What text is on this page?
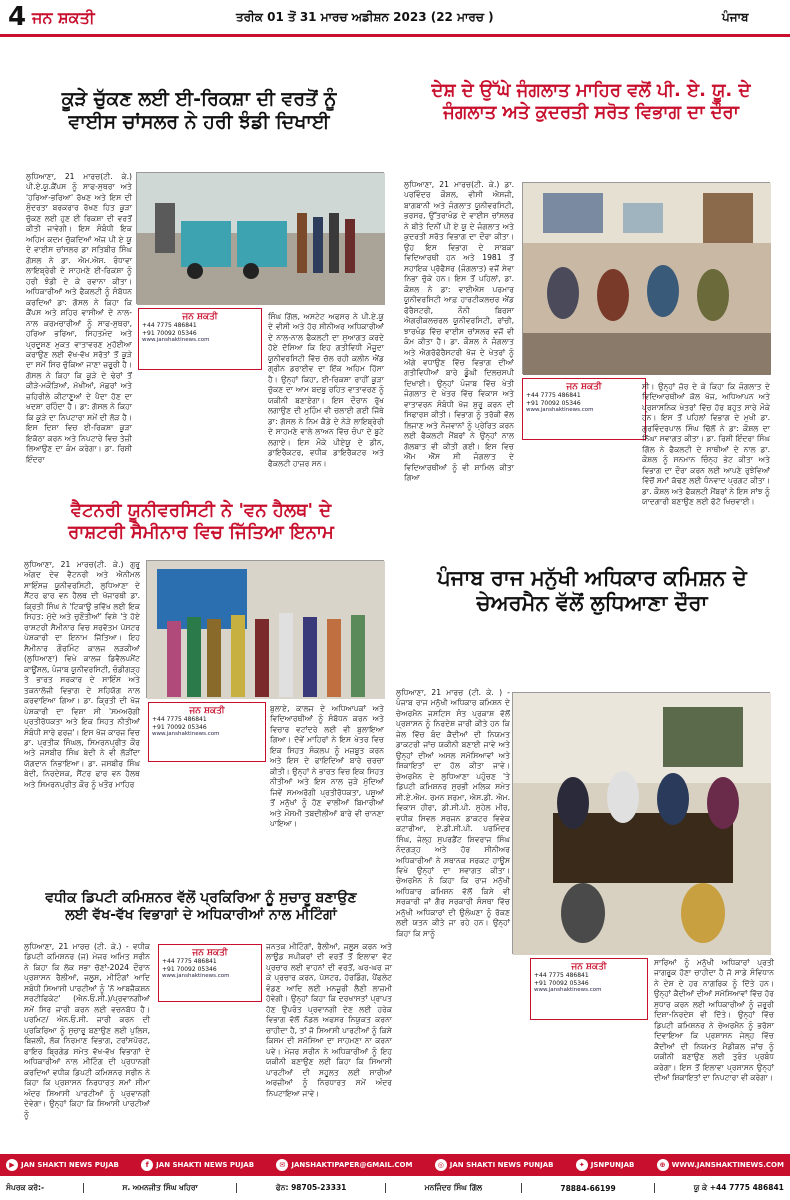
4 ਜਨ ਸ਼ਕਤੀ	ਤਰੀਕ 01 ਤੋਂ 31 ਮਾਰਚ ਅਡੀਸ਼ਨ 2023 (22 ਮਾਰਚ )	ਪੰਜਾਬ
ਕੂੜੇ ਚੁੱਕਣ ਲਈ ਈ-ਰਿਕਸ਼ਾ ਦੀ ਵਰਤੋਂ ਨੂੰ
ਵਾਈਸ ਚਾਂਸਲਰ ਨੇ ਹਰੀ ਝੰਡੀ ਦਿਖਾਈ
ਲੁਧਿਆਣਾ, 21 ਮਾਰਚ(ਟੀ. ਕੇ.) ਪੀ.ਏ.ਯੂ.ਕੈਂਪਸ ਨੂੰ ਸਾਫ-ਸੁਥਰਾ ਅਤੇ 'ਹਰਿਆ-ਭਰਿਆ' ਰੱਖਣ ਅਤੇ ਇਸ ਦੀ ਸੁੰਦਰਤਾ ਬਰਕਰਾਰ ਰੱਖਣ ਹਿਤ ਕੂੜਾ ਚੁੱਕਣ ਲਈ ਹੁਣ ਈ ਰਿਕਸ਼ਾ ਦੀ ਵਰਤੋਂ ਕੀਤੀ ਜਾਵੇਗੀ। ਇਸ ਸੰਬੰਧੀ ਇਕ ਅਹਿਮ ਕਦਮ ਚੁੱਕਦਿਆਂ ਅੱਜ ਪੀ ਏ ਯੂ ਦੇ ਵਾਈਸ ਚਾਂਸਲਰ ਡਾ ਸਤਿਬੀਰ ਸਿੰਘ ਗੋਸਲ ਨੇ ਡਾ. ਐਮ.ਐਸ. ਰੰਧਾਵਾ ਲਾਇਬ੍ਰੇਰੀ ਦੇ ਸਾਹਮਣੇ ਈ-ਰਿਕਸ਼ਾ ਨੂੰ ਹਰੀ ਝੰਡੀ ਦੇ ਕੇ ਰਵਾਨਾ ਕੀਤਾ। ਅਧਿਕਾਰੀਆਂ ਅਤੇ ਫੈਕਲਟੀ ਨੂੰ ਸੰਬੋਧਨ ਕਰਦਿਆਂ ਡਾ: ਗੋਸਲ ਨੇ ਕਿਹਾ ਕਿ ਕੈਂਪਸ ਅਤੇ ਸ਼ਹਿਰ ਵਾਸੀਆਂ ਦੇ ਨਾਲ-ਨਾਲ ਕਰਮਚਾਰੀਆਂ ਨੂੰ ਸਾਫ-ਸੁਥਰਾ, ਹਰਿਆ ਭਰਿਆ, ਸਿਹਤਮੰਦ ਅਤੇ ਪ੍ਰਦੂਸ਼ਣ ਮੁਕਤ ਵਾਤਾਵਰਣ ਮੁਹੱਈਆ ਕਰਾਉਣ ਲਈ ਵੱਖ-ਵੱਖ ਸਰੋਤਾਂ ਤੋਂ ਕੂੜੇ ਦਾ ਸਮੇਂ ਸਿਰ ਚੁੱਕਿਆ ਜਾਣਾ ਜ਼ਰੂਰੀ ਹੈ। ਗੋਸਲ ਨੇ ਕਿਹਾ ਕਿ ਕੂੜੇ ਦੇ ਢੇਰਾਂ ਤੋਂ ਕੀੜੇ-ਮਕੌੜਿਆਂ, ਮੱਖੀਆਂ, ਮੱਛਰਾਂ ਅਤੇ ਜ਼ਹਿਰੀਲੇ ਕੀਟਾਣੂਆਂ ਦੇ ਪੈਦਾ ਹੋਣ ਦਾ ਖਦਸ਼ਾ ਰਹਿੰਦਾ ਹੈ। ਡਾ: ਗੋਸਲ ਨੇ ਕਿਹਾ ਕਿ ਕੂੜੇ ਦਾ ਨਿਪਟਾਰਾ ਸਮੇਂ ਦੀ ਲੋੜ ਹੈ। ਇਸ ਦਿਸ਼ਾ ਵਿਚ ਈ-ਰਿਕਸ਼ਾ ਕੂੜਾ ਇਕੱਠਾ ਕਰਨ ਅਤੇ ਨਿਪਟਾਰੇ ਵਿਚ ਤੇਜ਼ੀ ਲਿਆਉਣ ਦਾ ਕੰਮ ਕਰੇਗਾ। ਡਾ. ਰਿਸ਼ੀ ਇੰਦਰਾ
ਜਨ ਸ਼ਕਤੀ
+44 7775 486841
+91 70092 05346
www.janshaktinews.com
ਸਿੰਘ ਗਿੱਲ, ਅਸਟੇਟ ਅਫਸਰ ਨੇ ਪੀ.ਏ.ਯੂ ਦੇ ਵੀਸੀ ਅਤੇ ਹੋਰ ਸੀਨੀਅਰ ਅਧਿਕਾਰੀਆਂ ਦੇ ਨਾਲ-ਨਾਲ ਫੈਕਲਟੀ ਦਾ ਸੁਆਗਤ ਕਰਦੇ ਹੋਏ ਦੱਸਿਆ ਕਿ ਇਹ ਗਤੀਵਿਧੀ ਮੌਜੂਦਾ ਯੂਨੀਵਰਸਿਟੀ ਵਿੱਚ ਚੱਲ ਰਹੀ ਕਲੀਨ ਐਂਡ ਗ੍ਰੀਨ ਡਰਾਈਵ ਦਾ ਇੱਕ ਅਹਿਮ ਹਿੱਸਾ ਹੈ। ਉਨ੍ਹਾਂ ਕਿਹਾ, ਈ-ਰਿਕਸ਼ਾ ਰਾਹੀਂ ਕੂੜਾ ਚੁੱਕਣ ਦਾ ਆਮ ਬਦਬੂ ਰਹਿਤ ਵਾਤਾਵਰਣ ਨੂੰ ਯਕੀਨੀ ਬਣਾਏਗਾ। ਇਸ ਦੌਰਾਨ ਰੁੱਖ ਲਗਾਉਣ ਦੀ ਮੁਹਿੰਮ ਵੀ ਚਲਾਈ ਗਈ ਜਿੱਥੇ ਡਾ: ਗੋਸਲ ਨੇ ਨਿਮ ਕੈਡੇ ਦੇ ਨੇੜੇ ਲਾਇਬ੍ਰੇਰੀ ਦੇ ਸਾਹਮਣੇ ਵਾਲੇ ਲਾਅਨ ਵਿੱਚ ਚੰਪਾ ਦੇ ਬੂਟੇ ਲਗਾਏ। ਇਸ ਮੌਕੇ ਪੀਏਯੂ ਦੇ ਡੀਨ, ਡਾਇਰੈਕਟਰ, ਵਧੀਕ ਡਾਇਰੈਕਟਰ ਅਤੇ ਫੈਕਲਟੀ ਹਾਜ਼ਰ ਸਨ।
ਵੈਟਨਰੀ ਯੂਨੀਵਰਸਿਟੀ ਨੇ 'ਵਨ ਹੈਲਥ' ਦੇ
ਰਾਸ਼ਟਰੀ ਸੈਮੀਨਾਰ ਵਿਚ ਜਿੱਤਿਆ ਇਨਾਮ
ਲੁਧਿਆਣਾ, 21 ਮਾਰਚ(ਟੀ. ਕੇ.) ਗੁਰੂ ਅੰਗਦ ਦੇਵ ਵੈਟਨਰੀ ਅਤੇ ਐਨੀਮਲ ਸਾਇੰਸਜ਼ ਯੂਨੀਵਰਸਿਟੀ, ਲੁਧਿਆਣਾ ਦੇ ਸੈਂਟਰ ਫਾਰ ਵਨ ਹੈਲਥ ਦੀ ਖੋਜਾਰਥੀ ਡਾ. ਕ੍ਰਿਤੀ ਸਿੰਘ ਨੇ 'ਟਿਕਾਊ ਭਵਿੱਖ ਲਈ ਇਕ ਸਿਹਤ: ਮੁੱਦੇ ਅਤੇ ਚੁਣੌਤੀਆਂ' ਵਿਸ਼ੇ 'ਤੇ ਹੋਏ ਰਾਸ਼ਟਰੀ ਸੈਮੀਨਾਰ ਵਿਚ ਸਰਵੋਤਮ ਪੋਸਟਰ ਪੇਸ਼ਕਾਰੀ ਦਾ ਇਨਾਮ ਜਿੱਤਿਆ। ਇਹ ਸੈਮੀਨਾਰ ਗੌਰਮਿੰਟ ਕਾਲਜ ਲੜਕੀਆਂ (ਲੁਧਿਆਣਾ) ਵਿਖੇ ਕਾਲਜ ਡਿਵੈਲਪਮੈਂਟ ਕਾਊਂਸਲ, ਪੰਜਾਬ ਯੂਨੀਵਰਸਿਟੀ, ਚੰਡੀਗੜ੍ਹ ਤੇ ਭਾਰਤ ਸਰਕਾਰ ਦੇ ਸਾਇੰਸ ਅਤੇ ਤਕਨਾਲੋਜੀ ਵਿਭਾਗ ਦੇ ਸਹਿਯੋਗ ਨਾਲ ਕਰਵਾਇਆ ਗਿਆ। ਡਾ. ਕ੍ਰਿਤੀ ਦੀ ਖੋਜ ਪੇਸ਼ਕਾਰੀ ਦਾ ਵਿਸ਼ਾ ਸੀ 'ਸਮਅਰੋਗੀ ਪ੍ਰਤੀਰੋਧਕਤਾ ਅਤੇ ਇਕ ਸਿਹਤ ਨੀਤੀਆਂ ਸੰਬੰਧੀ ਸਾਰੇ ਫਰਜ਼'। ਇਸ ਖੋਜ ਕਾਰਜ ਵਿਚ ਡਾ. ਪ੍ਰਤੀਕ ਸਿੰਘਲ, ਸਿਮਰਨਪ੍ਰੀਤ ਕੌਰ ਅਤੇ ਜਸਬੀਰ ਸਿੰਘ ਬੇਦੀ ਨੇ ਵੀ ਲੋੜੀਂਦਾ ਯੋਗਦਾਨ ਨਿਭਾਇਆ। ਡਾ. ਜਸਬੀਰ ਸਿੰਘ ਬੇਦੀ, ਨਿਰਦੇਸ਼ਕ, ਸੈਂਟਰ ਫਾਰ ਵਨ ਹੈਲਥ ਅਤੇ ਸਿਮਰਨਪ੍ਰੀਤ ਕੌਰ ਨੂੰ ਖਤੌਰ ਮਾਹਿਰ
ਜਨ ਸ਼ਕਤੀ
+44 7775 486841
+91 70092 05346
www.janshaktinews.com
ਬੁਲਾਏ, ਕਾਲਜ ਦੇ ਅਧਿਆਪਕਾਂ ਅਤੇ ਵਿਦਿਆਰਥੀਆਂ ਨੂੰ ਸੰਬੋਧਨ ਕਰਨ ਅਤੇ ਵਿਚਾਰ ਵਟਾਂਦਰੇ ਲਈ ਵੀ ਬੁਲਾਇਆ ਗਿਆ। ਦੋਵੇਂ ਮਾਹਿਰਾਂ ਨੇ ਇਸ ਖੇਤਰ ਵਿਚ ਇਕ ਸਿਹਤ ਸੰਕਲਪ ਨੂੰ ਮਜ਼ਬੂਤ ਕਰਨ ਅਤੇ ਇਸ ਦੇ ਫਾਇਦਿਆਂ ਬਾਰੇ ਚਰਚਾ ਕੀਤੀ। ਉਨ੍ਹਾਂ ਨੇ ਭਾਰਤ ਵਿਚ ਇਕ ਸਿਹਤ ਨੀਤੀਆਂ ਅਤੇ ਇਸ ਨਾਲ ਜੁੜੇ ਮੁੱਦਿਆਂ ਜਿਵੇਂ ਸਮਅਰੋਗੀ ਪ੍ਰਤੀਰੋਧਕਤਾ, ਪਸ਼ੂਆਂ ਤੋਂ ਮਨੁੱਖਾਂ ਨੂੰ ਹੋਣ ਵਾਲੀਆਂ ਬਿਮਾਰੀਆਂ ਅਤੇ ਮੌਸਮੀ ਤਬਦੀਲੀਆਂ ਬਾਰੇ ਵੀ ਚਾਨਣਾ ਪਾਇਆ।
ਵਧੀਕ ਡਿਪਟੀ ਕਮਿਸ਼ਨਰ ਵੱਲੋਂ ਪ੍ਰਕਿਰਿਆ ਨੂੰ ਸੁਚਾਰੂ ਬਣਾਉਣ
ਲਈ ਵੱਖ-ਵੱਖ ਵਿਭਾਗਾਂ ਦੇ ਅਧਿਕਾਰੀਆਂ ਨਾਲ ਮੀਟਿੰਗਾਂ
ਲੁਧਿਆਣਾ, 21 ਮਾਰਚ (ਟੀ. ਕੇ.) - ਵਧੀਕ ਡਿਪਟੀ ਕਮਿਸ਼ਨਰ (ਜ) ਮੇਜਰ ਅਮਿਤ ਸਰੀਨ ਨੇ ਕਿਹਾ ਕਿ ਲੋਕ ਸਭਾ ਚੋਣਾਂ-2024 ਦੌਰਾਨ ਪ੍ਰਸ਼ਾਸਨ ਰੈਲੀਆਂ, ਜਲੂਸ, ਮੀਟਿੰਗਾਂ ਆਦਿ ਸਬੰਧੀ ਸਿਆਸੀ ਪਾਰਟੀਆਂ ਨੂੰ 'ਨੋ ਆਬਜੈਕਸ਼ਨ ਸਰਟੀਫਿਕੇਟ' (ਐਨ.ਓ.ਸੀ.)/ਪ੍ਰਵਾਨਗੀਆਂ ਸਮੇਂ ਸਿਰ ਜਾਰੀ ਕਰਨ ਲਈ ਵਚਨਬੱਧ ਹੈ। ਪਰਮਿਟ/ ਐਨ.ਓ.ਸੀ. ਜਾਰੀ ਕਰਨ ਦੀ ਪ੍ਰਕਿਰਿਆ ਨੂੰ ਸੁਚਾਰੂ ਬਣਾਉਣ ਲਈ ਪੁਲਿਸ, ਬਿਜਲੀ, ਲੋਕ ਨਿਰਮਾਣ ਵਿਭਾਗ, ਟਰਾਂਸਪੋਰਟ, ਫਾਇਰ ਬ੍ਰਿਗੇਡ ਸਮੇਤ ਵੱਖ-ਵੱਖ ਵਿਭਾਗਾਂ ਦੇ ਅਧਿਕਾਰੀਆਂ ਨਾਲ ਮੀਟਿੰਗ ਦੀ ਪ੍ਰਧਾਨਗੀ ਕਰਦਿਆਂ ਵਧੀਕ ਡਿਪਟੀ ਕਮਿਸ਼ਨਰ ਸਰੀਨ ਨੇ ਕਿਹਾ ਕਿ ਪ੍ਰਸ਼ਾਸਨ ਨਿਰਧਾਰਤ ਸਮਾਂ ਸੀਮਾ ਅੰਦਰ ਸਿਆਸੀ ਪਾਰਟੀਆਂ ਨੂੰ ਪ੍ਰਵਾਨਗੀ ਦੇਵੇਗਾ। ਉਨ੍ਹਾਂ ਕਿਹਾ ਕਿ ਸਿਆਸੀ ਪਾਰਟੀਆਂ ਨੂੰ
ਜਨ ਸ਼ਕਤੀ
+44 7775 486841
+91 70092 05346
www.janshaktinews.com
ਜਨਤਕ ਮੀਟਿੰਗਾਂ, ਰੈਲੀਆਂ, ਜਲੂਸ ਕਰਨ ਅਤੇ ਲਾਊਡ ਸਪੀਕਰਾਂ ਦੀ ਵਰਤੋਂ ਤੋਂ ਇਲਾਵਾ ਵੋਟ ਪ੍ਰਚਾਰ ਲਈ ਵਾਹਨਾਂ ਦੀ ਵਰਤੋਂ, ਘਰ-ਘਰ ਜਾ ਕੇ ਪ੍ਰਚਾਰ ਕਰਨ, ਪੋਸਟਰ, ਹੋਰਡਿੰਗ, ਪੈਂਫਲੇਟ ਵੰਡਣ ਆਦਿ ਲਈ ਮਨਜ਼ੂਰੀ ਲੈਣੀ ਲਾਜ਼ਮੀ ਹੋਵੇਗੀ। ਉਨ੍ਹਾਂ ਕਿਹਾ ਕਿ ਦਰਖਾਸਤਾਂ ਪ੍ਰਾਪਤ ਹੋਣ ਉਪਰੰਤ ਪ੍ਰਵਾਨਗੀ ਦੇਣ ਲਈ ਹਰੇਕ ਵਿਭਾਗ ਵੱਲੋਂ ਨੋਡਲ ਅਫਸਰ ਨਿਯੁਕਤ ਕਰਨਾ ਚਾਹੀਦਾ ਹੈ, ਤਾਂ ਜੋ ਸਿਆਸੀ ਪਾਰਟੀਆਂ ਨੂੰ ਕਿਸੇ ਕਿਸਮ ਦੀ ਸਮੱਸਿਆ ਦਾ ਸਾਹਮਣਾ ਨਾ ਕਰਨਾ ਪਵੇ। ਮੇਜਰ ਸਰੀਨ ਨੇ ਅਧਿਕਾਰੀਆਂ ਨੂੰ ਇਹ ਯਕੀਨੀ ਬਣਾਉਣ ਲਈ ਕਿਹਾ ਕਿ ਸਿਆਸੀ ਪਾਰਟੀਆਂ ਦੀ ਸਹੂਲਤ ਲਈ ਸਾਰੀਆਂ ਅਰਜ਼ੀਆਂ ਨੂੰ ਨਿਰਧਾਰਤ ਸਮੇਂ ਅੰਦਰ ਨਿਪਟਾਇਆ ਜਾਵੇ।
ਦੇਸ਼ ਦੇ ਉੱਘੇ ਜੰਗਲਾਤ ਮਾਹਿਰ ਵਲੋਂ ਪੀ. ਏ. ਯੂ. ਦੇ
ਜੰਗਲਾਤ ਅਤੇ ਕੁਦਰਤੀ ਸਰੋਤ ਵਿਭਾਗ ਦਾ ਦੌਰਾ
ਲੁਧਿਆਣਾ, 21 ਮਾਰਚ(ਟੀ. ਕੇ.) ਡਾ. ਪਰਵਿੰਦਰ ਕੌਸ਼ਲ, ਵੀਸੀ ਐਸਜੀ, ਬਾਗਬਾਨੀ ਅਤੇ ਜੰਗਲਾਤ ਯੂਨੀਵਰਸਿਟੀ, ਭਰਸਰ, ਉੱਤਰਾਖੰਡ ਦੇ ਵਾਈਸ ਚਾਂਸਲਰ ਨੇ ਬੀਤੇ ਦਿਨੀਂ ਪੀ ਏ ਯੂ ਦੇ ਜੰਗਲਾਤ ਅਤੇ ਕੁਦਰਤੀ ਸਰੋਤ ਵਿਭਾਗ ਦਾ ਦੌਰਾ ਕੀਤਾ। ਉਹ ਇਸ ਵਿਭਾਗ ਦੇ ਸਾਬਕਾ ਵਿਦਿਆਰਥੀ ਹਨ ਅਤੇ 1981 ਤੋਂ ਸਹਾਇਕ ਪ੍ਰੋਫੈਸਰ (ਜੰਗਲਾਤ) ਵਜੋਂ ਸੇਵਾ ਨਿਭਾ ਚੁੱਕੇ ਹਨ। ਇਸ ਤੋਂ ਪਹਿਲਾਂ, ਡਾ. ਕੌਸ਼ਲ ਨੇ ਡਾ: ਵਾਈਐਸ ਪਰਮਾਰ ਯੂਨੀਵਰਸਿਟੀ ਆਫ਼ ਹਾਰਟੀਕਲਚਰ ਐਂਡ ਫੋਰੈਸਟਰੀ, ਨੌਨੀ ਬਿਰਸਾ ਐਗਰੀਕਲਚਰਲ ਯੂਨੀਵਰਸਿਟੀ, ਰਾਂਚੀ, ਝਾਰਖੰਡ ਵਿੱਚ ਵਾਈਸ ਚਾਂਸਲਰ ਵਜੋਂ ਵੀ ਕੰਮ ਕੀਤਾ ਹੈ। ਡਾ. ਕੌਸ਼ਲ ਨੇ ਜੰਗਲਾਤ ਅਤੇ ਐਗਰੋਫੋਰੈਸਟਰੀ ਖੋਜ ਦੇ ਖੇਤਰਾਂ ਨੂੰ ਅੱਗੇ ਵਧਾਉਣ ਵਿੱਚ ਵਿਭਾਗ ਦੀਆਂ ਗਤੀਵਿਧੀਆਂ ਬਾਰੇ ਡੂੰਘੀ ਦਿਲਚਸਪੀ ਦਿਖਾਈ। ਉਨ੍ਹਾਂ ਪੰਜਾਬ ਵਿੱਚ ਖੇਤੀ ਜੰਗਲਾਤ ਦੇ ਖੇਤਰ ਵਿੱਚ ਵਿਕਾਸ ਅਤੇ ਵਾਤਾਵਰਨ ਸੰਬੰਧੀ ਖੋਜ ਸ਼ੁਰੂ ਕਰਨ ਦੀ ਸਿਫਾਰਸ਼ ਕੀਤੀ। ਵਿਭਾਗ ਨੂੰ ਤਰੱਕੀ ਵੱਲ ਲਿਜਾਣ ਅਤੇ ਨੌਜਵਾਨਾਂ ਨੂੰ ਪ੍ਰੇਰਿਤ ਕਰਨ ਲਈ ਫੈਕਲਟੀ ਮੈਂਬਰਾਂ ਨੇ ਉਨ੍ਹਾਂ ਨਾਲ ਗੱਲਬਾਤ ਵੀ ਕੀਤੀ ਗਈ। ਇਸ ਵਿਚ ਐੱਮ ਐੱਸ ਸੀ ਜੰਗਲਾਤ ਦੇ ਵਿਦਿਆਰਥੀਆਂ ਨੂੰ ਵੀ ਸ਼ਾਮਿਲ ਕੀਤਾ ਗਿਆ
ਜਨ ਸ਼ਕਤੀ
+44 7775 486841
+91 70092 05346
www.janshaktinews.com
ਸੀ। ਉਨ੍ਹਾਂ ਜ਼ੋਰ ਦੇ ਕੇ ਕਿਹਾ ਕਿ ਜੰਗਲਾਤ ਦੇ ਵਿਦਿਆਰਥੀਆਂ ਕੋਲ ਖੋਜ, ਅਧਿਆਪਨ ਅਤੇ ਪ੍ਰਸ਼ਾਸਨਿਕ ਖੇਤਰਾਂ ਵਿੱਚ ਹੋਰ ਬਹੁਤ ਸਾਰੇ ਮੌਕੇ ਹਨ। ਇਸ ਤੋਂ ਪਹਿਲਾਂ ਵਿਭਾਗ ਦੇ ਮੁਖੀ ਡਾ. ਗੁਰਵਿੰਦਰਪਾਲ ਸਿੰਘ ਢਿੱਲੋਂ ਨੇ ਡਾ: ਕੌਸ਼ਲ ਦਾ ਨਿੱਘਾ ਸਵਾਗਤ ਕੀਤਾ। ਡਾ. ਰਿਸ਼ੀ ਇੰਦਰਾ ਸਿੰਘ ਗਿੱਲ ਨੇ ਫੈਕਲਟੀ ਦੇ ਸਾਥੀਆਂ ਦੇ ਨਾਲ ਡਾ. ਕੌਸ਼ਲ ਨੂੰ ਸਨਮਾਨ ਚਿੰਨ੍ਹ ਭੇਟ ਕੀਤਾ ਅਤੇ ਵਿਭਾਗ ਦਾ ਦੌਰਾ ਕਰਨ ਲਈ ਆਪਣੇ ਰੁਝੇਵਿਆਂ ਵਿੱਚੋਂ ਸਮਾਂ ਕੱਢਣ ਲਈ ਧੰਨਵਾਦ ਪ੍ਰਗਟ ਕੀਤਾ। ਡਾ. ਕੌਸ਼ਲ ਅਤੇ ਫੈਕਲਟੀ ਮੈਂਬਰਾਂ ਨੇ ਇਸ ਸਾਂਝ ਨੂੰ ਯਾਦਗਾਰੀ ਬਣਾਉਣ ਲਈ ਫੋਟੋ ਖਿਚਵਾਈ।
ਪੰਜਾਬ ਰਾਜ ਮਨੁੱਖੀ ਅਧਿਕਾਰ ਕਮਿਸ਼ਨ ਦੇ
ਚੇਅਰਮੈਨ ਵੱਲੋਂ ਲੁਧਿਆਣਾ ਦੌਰਾ
ਲੁਧਿਆਣਾ, 21 ਮਾਰਚ (ਟੀ. ਕੇ. ) - ਪੰਜਾਬ ਰਾਜ ਮਨੁੱਖੀ ਅਧਿਕਾਰ ਕਮਿਸ਼ਨ ਦੇ ਚੇਅਰਮੈਨ ਜਸਟਿਸ ਸੰਤ ਪ੍ਰਕਾਸ਼ ਵੱਲੋਂ ਪ੍ਰਸ਼ਾਸਨ ਨੂੰ ਨਿਰਦੇਸ਼ ਜਾਰੀ ਕੀਤੇ ਹਨ ਕਿ ਜੇਲ ਵਿੱਚ ਬੰਦ ਕੈਦੀਆਂ ਦੀ ਨਿਯਮਤ ਡਾਕਟਰੀ ਜਾਂਚ ਯਕੀਨੀ ਬਣਾਈ ਜਾਵੇ ਅਤੇ ਉਨ੍ਹਾਂ ਦੀਆਂ ਅਸਲ ਸਮੱਸਿਆਵਾਂ ਅਤੇ ਸ਼ਿਕਾਇਤਾਂ ਦਾ ਹੱਲ ਕੀਤਾ ਜਾਵੇ। ਚੇਅਰਮੈਨ ਦੇ ਲੁਧਿਆਣਾ ਪਹੁੰਚਣ 'ਤੇ ਡਿਪਟੀ ਕਮਿਸ਼ਨਰ ਸੁਰਭੀ ਮਲਿਕ ਸਮੇਤ ਸੀ.ਏ.ਐਮ. ਰਮਨ ਸ਼ਰਮਾ, ਐਸ.ਡੀ. ਐਮ. ਵਿਕਾਸ ਹੀਰਾ, ਡੀ.ਸੀ.ਪੀ. ਸੁਹੇਲ ਮੀਰ, ਵਧੀਕ ਸਿਵਲ ਸਰਜਨ ਡਾਕਟਰ ਵਿਵੇਕ ਕਟਾਰੀਆ, ਏ.ਡੀ.ਸੀ.ਪੀ. ਪਰਮਿੰਦਰ ਸਿੰਘ, ਜੇਲ੍ਹ ਸੁਪਰਡੈਂਟ ਸ਼ਿਵਰਾਜ ਸਿੰਘ ਨੰਦਗੜ੍ਹ ਅਤੇ ਹੋਰ ਸੀਨੀਅਰ ਅਧਿਕਾਰੀਆਂ ਨੇ ਸਥਾਨਕ ਸਰਕਟ ਹਾਊਸ ਵਿਖੇ ਉਨ੍ਹਾਂ ਦਾ ਸਵਾਗਤ ਕੀਤਾ। ਚੇਅਰਮੈਨ ਨੇ ਕਿਹਾ ਕਿ ਰਾਜ ਮਨੁੱਖੀ ਅਧਿਕਾਰ ਕਮਿਸ਼ਨ ਵੱਲੋਂ ਕਿਸੇ ਵੀ ਸਰਕਾਰੀ ਜਾਂ ਗੈਰ ਸਰਕਾਰੀ ਸੰਸਥਾ ਵਿੱਚ ਮਨੁੱਖੀ ਅਧਿਕਾਰਾਂ ਦੀ ਉਲੰਘਣਾ ਨੂੰ ਰੋਕਣ ਲਈ ਯਤਨ ਕੀਤੇ ਜਾ ਰਹੇ ਹਨ। ਉਨ੍ਹਾਂ ਕਿਹਾ ਕਿ ਸਾਨੂੰ
ਜਨ ਸ਼ਕਤੀ
+44 7775 486841
+91 70092 05346
www.janshaktinews.com
ਸਾਰਿਆਂ ਨੂੰ ਮਨੁੱਖੀ ਅਧਿਕਾਰਾਂ ਪ੍ਰਤੀ ਜਾਗਰੂਕ ਹੋਣਾ ਚਾਹੀਦਾ ਹੈ ਜੋ ਸਾਡੇ ਸੰਵਿਧਾਨ ਨੇ ਦੇਸ਼ ਦੇ ਹਰ ਨਾਗਰਿਕ ਨੂੰ ਦਿੱਤੇ ਹਨ। ਉਨ੍ਹਾਂ ਕੈਦੀਆਂ ਦੀਆਂ ਸਮੱਸਿਆਵਾਂ ਵਿੱਚ ਹੋਰ ਸੁਧਾਰ ਕਰਨ ਲਈ ਅਧਿਕਾਰੀਆਂ ਨੂੰ ਜ਼ਰੂਰੀ ਦਿਸ਼ਾ-ਨਿਰਦੇਸ਼ ਵੀ ਦਿੱਤੇ। ਉਨ੍ਹਾਂ ਵਿੱਚ ਡਿਪਟੀ ਕਮਿਸ਼ਨਰ ਨੇ ਚੇਅਰਮੈਨ ਨੂੰ ਭਰੋਸਾ ਦਿਵਾਇਆ ਕਿ ਪ੍ਰਸ਼ਾਸਨ ਜੇਲ੍ਹ ਵਿੱਚ ਕੈਦੀਆਂ ਦੀ ਨਿਯਮਤ ਮੈਡੀਕਲ ਜਾਂਚ ਨੂੰ ਯਕੀਨੀ ਬਣਾਉਣ ਲਈ ਤੁਰੰਤ ਪ੍ਰਬੰਧ ਕਰੇਗਾ। ਇਸ ਤੋਂ ਇਲਾਵਾ ਪ੍ਰਸ਼ਾਸਨ ਉਨ੍ਹਾਂ ਦੀਆਂ ਸ਼ਿਕਾਇਤਾਂ ਦਾ ਨਿਪਟਾਰਾ ਵੀ ਕਰੇਗਾ।
▶ JAN SHAKTI NEWS PUJAB	f	JAN SHAKTI NEWS PUJAB	✉ JANSHAKTIPAPER@GMAIL.COM	◎ JAN SHAKTI NEWS PUNJAB	✦ JSNPUNJAB	⊕ WWW.JANSHAKTINEWS.COM
ਸੰਪਰਕ ਕਰੋ:-	ਸ. ਅਮਨਜੀਤ ਸਿੰਘ ਖਹਿਰਾ	ਫੋਨ: 98705-23331	ਮਨਜਿੰਦਰ ਸਿੰਘ ਗਿੱਲ	78884-66199	ਯੂ ਕੇ +44 7775 486841
